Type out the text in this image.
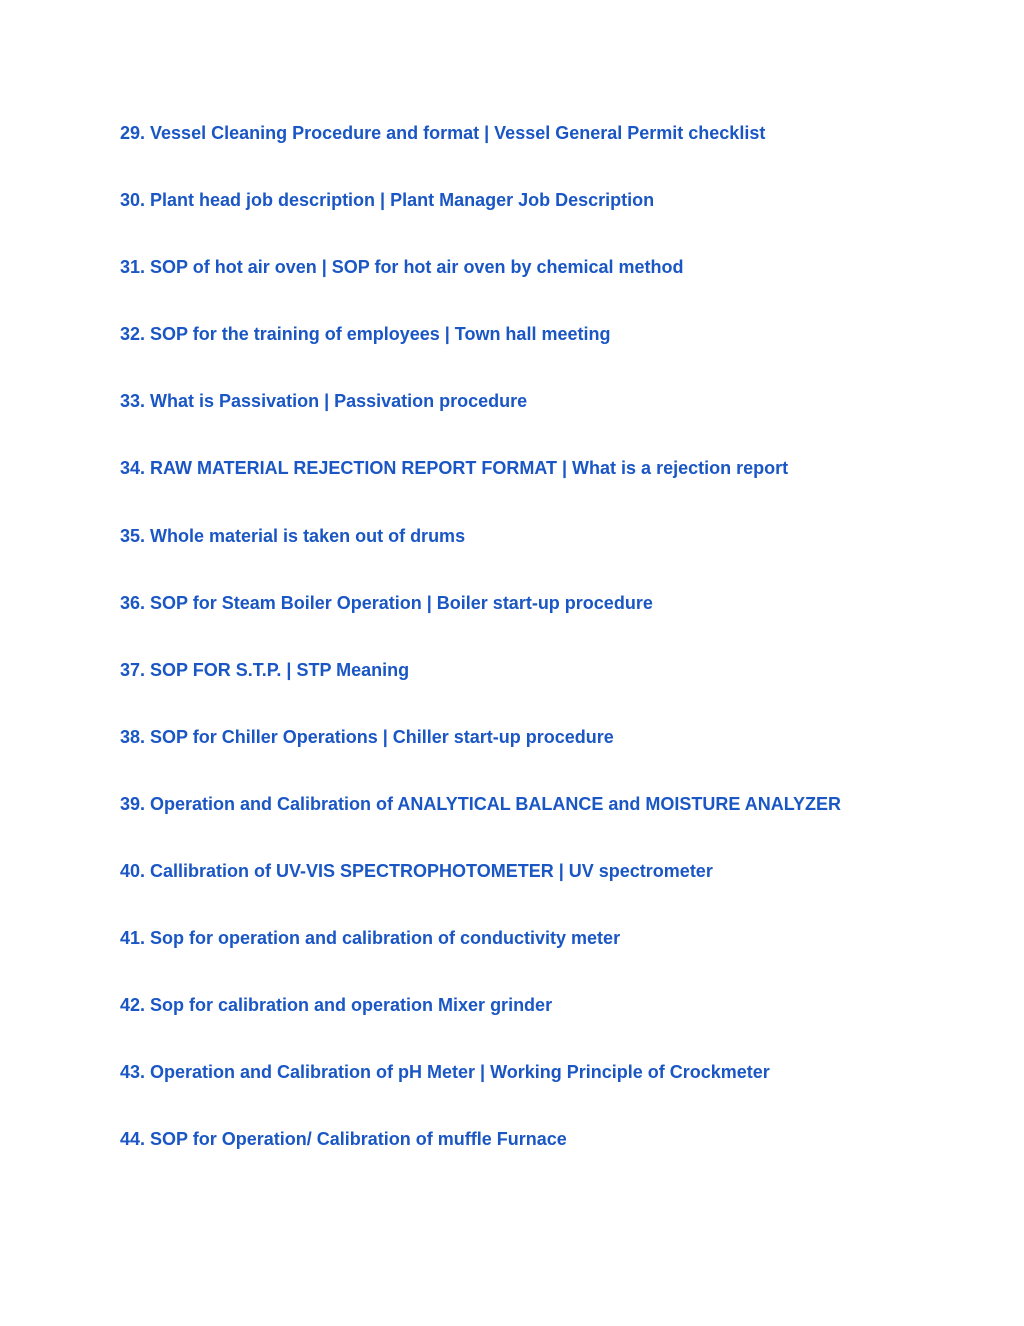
29. Vessel Cleaning Procedure and format | Vessel General Permit checklist
30. Plant head job description | Plant Manager Job Description
31. SOP of hot air oven | SOP for hot air oven by chemical method
32. SOP for the training of employees | Town hall meeting
33. What is Passivation | Passivation procedure
34. RAW MATERIAL REJECTION REPORT FORMAT | What is a rejection report
35. Whole material is taken out of drums
36. SOP for Steam Boiler Operation | Boiler start-up procedure
37. SOP FOR S.T.P. | STP Meaning
38. SOP for Chiller Operations | Chiller start-up procedure
39. Operation and Calibration of ANALYTICAL BALANCE and MOISTURE ANALYZER
40. Callibration of UV-VIS SPECTROPHOTOMETER | UV spectrometer
41. Sop for operation and calibration of conductivity meter
42. Sop for calibration and operation Mixer grinder
43. Operation and Calibration of pH Meter | Working Principle of Crockmeter
44. SOP for Operation/ Calibration of muffle Furnace
